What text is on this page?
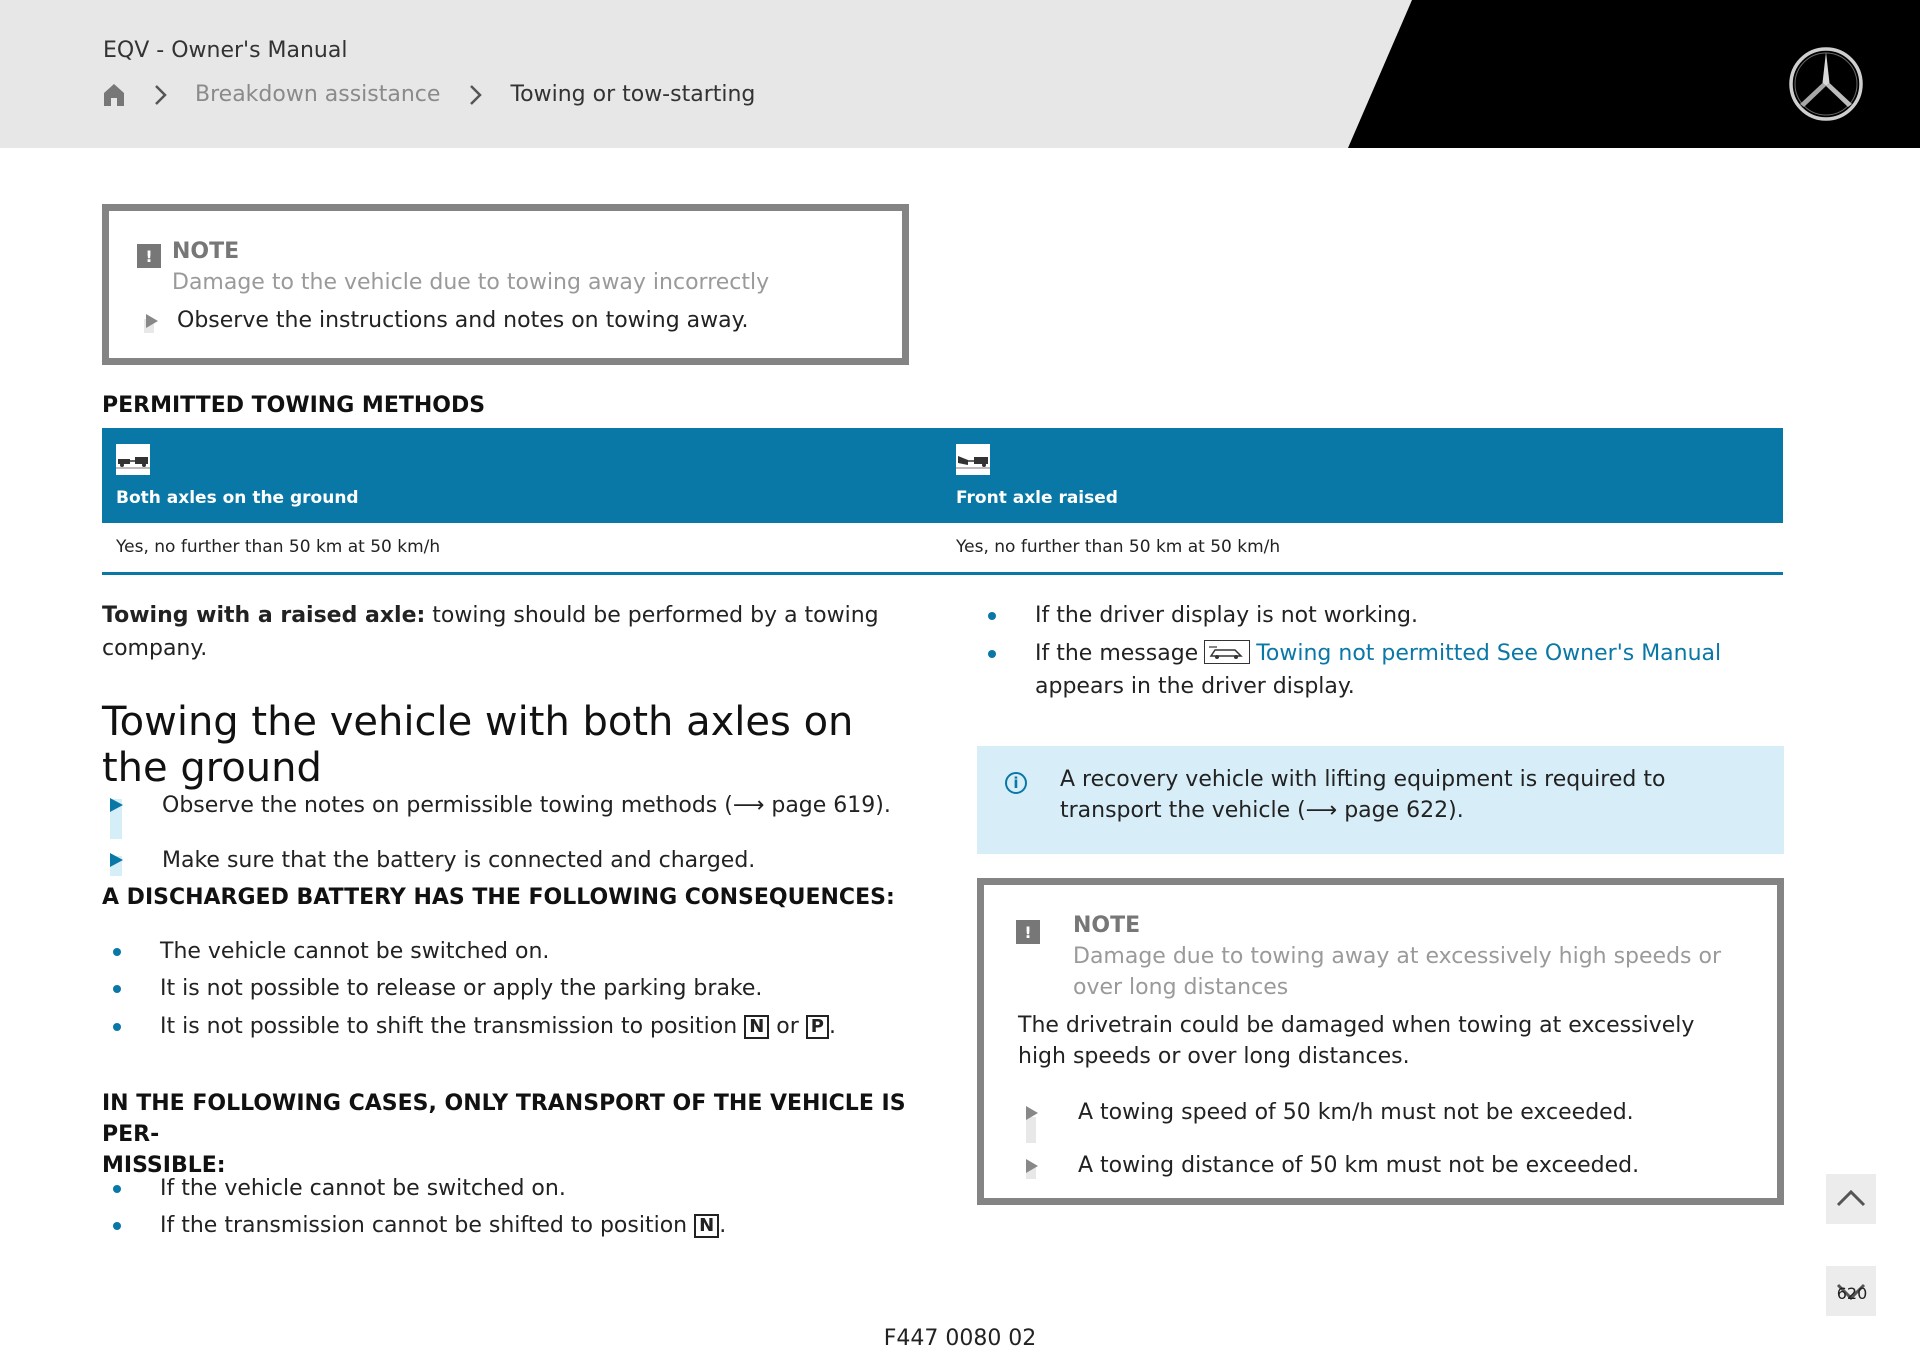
EQV - Owner's Manual
Breakdown assistance	Towing or tow-starting
! NOTE
Damage to the vehicle due to towing away incorrectly
Observe the instructions and notes on towing away.
PERMITTED TOWING METHODS
Both axles on the ground	Front axle raised
Yes, no further than 50 km at 50 km/h	Yes, no further than 50 km at 50 km/h
Towing with a raised axle: towing should be performed by a towing company.
Towing the vehicle with both axles on the ground
Observe the notes on permissible towing methods (⟶ page 619).
Make sure that the battery is connected and charged.
A DISCHARGED BATTERY HAS THE FOLLOWING CONSEQUENCES:
The vehicle cannot be switched on.
It is not possible to release or apply the parking brake.
It is not possible to shift the transmission to position N or P .
IN THE FOLLOWING CASES, ONLY TRANSPORT OF THE VEHICLE IS PER-
MISSIBLE:
If the vehicle cannot be switched on.
If the transmission cannot be shifted to position N .
If the driver display is not working.
If the message	Towing not permitted See Owner's Manual appears in the driver display.
i	A recovery vehicle with lifting equipment is required to transport the vehicle (⟶ page 622).
!	NOTE
Damage due to towing away at excessively high speeds or over long distances
The drivetrain could be damaged when towing at excessively high speeds or over long distances.
A towing speed of 50 km/h must not be exceeded.
A towing distance of 50 km must not be exceeded.
620
F447 0080 02
